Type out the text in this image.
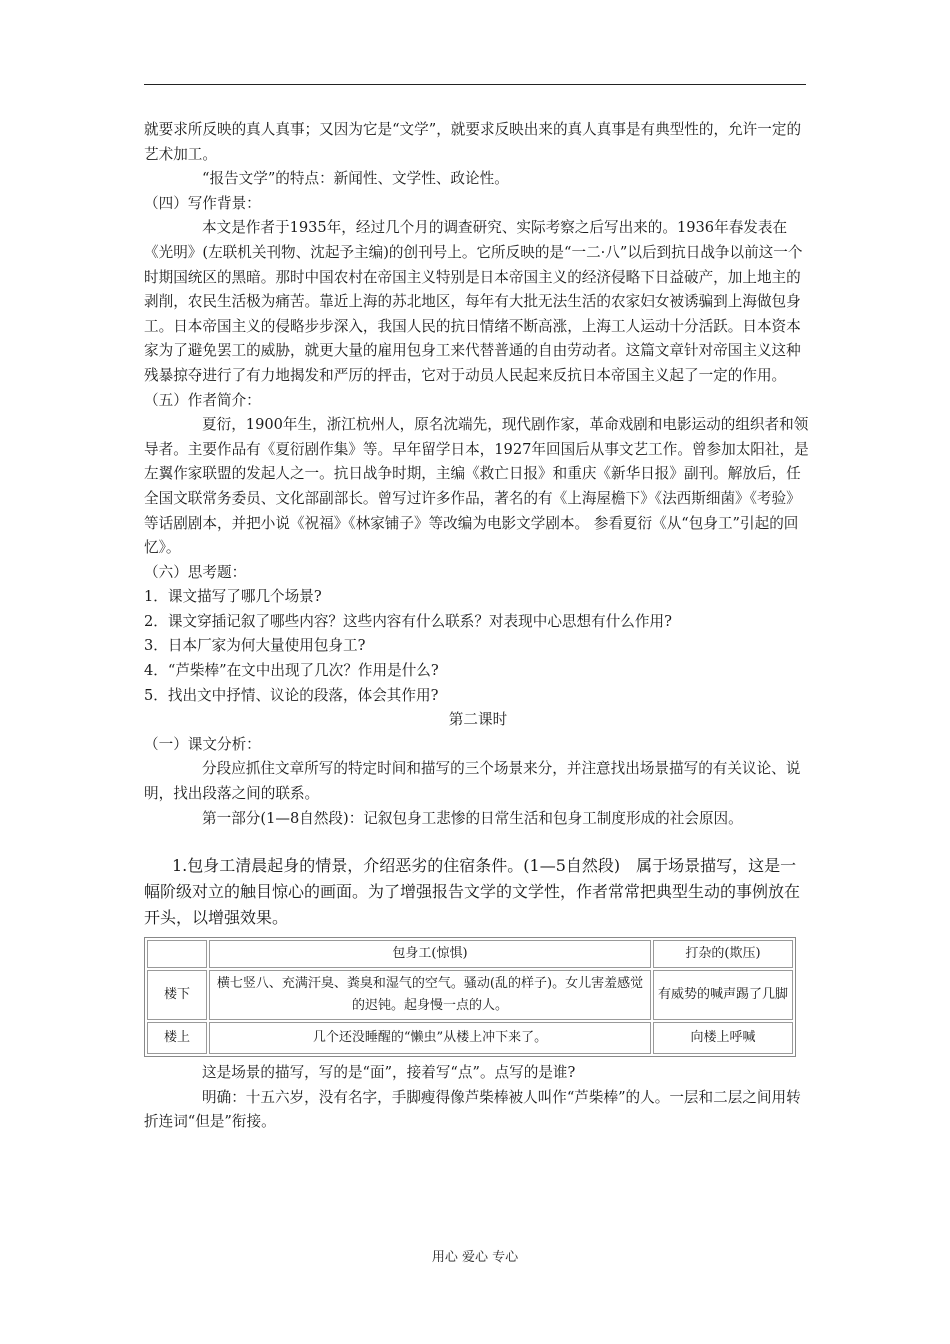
就要求所反映的真人真事；又因为它是“文学”，就要求反映出来的真人真事是有典型性的，允许一定的艺术加工。

“报告文学”的特点：新闻性、文学性、政论性。

（四）写作背景：

本文是作者于1935年，经过几个月的调查研究、实际考察之后写出来的。1936年春发表在《光明》(左联机关刊物、沈起予主编)的创刊号上。它所反映的是“一二·八”以后到抗日战争以前这一个时期国统区的黑暗。那时中国农村在帝国主义特别是日本帝国主义的经济侵略下日益破产，加上地主的剥削，农民生活极为痛苦。靠近上海的苏北地区，每年有大批无法生活的农家妇女被诱骗到上海做包身工。日本帝国主义的侵略步步深入，我国人民的抗日情绪不断高涨，上海工人运动十分活跃。日本资本家为了避免罢工的威胁，就更大量的雇用包身工来代替普通的自由劳动者。这篇文章针对帝国主义这种残暴掠夺进行了有力地揭发和严厉的抨击，它对于动员人民起来反抗日本帝国主义起了一定的作用。

（五）作者简介：

夏衍，1900年生，浙江杭州人，原名沈端先，现代剧作家，革命戏剧和电影运动的组织者和领导者。主要作品有《夏衍剧作集》等。早年留学日本，1927年回国后从事文艺工作。曾参加太阳社，是左翼作家联盟的发起人之一。抗日战争时期，主编《救亡日报》和重庆《新华日报》副刊。解放后，任全国文联常务委员、文化部副部长。曾写过许多作品，著名的有《上海屋檐下》《法西斯细菌》《考验》等话剧剧本，并把小说《祝福》《林家铺子》等改编为电影文学剧本。 参看夏衍《从“包身工”引起的回忆》。

（六）思考题：

1．课文描写了哪几个场景?

2．课文穿插记叙了哪些内容？这些内容有什么联系？对表现中心思想有什么作用?

3．日本厂家为何大量使用包身工?

4．“芦柴棒”在文中出现了几次？作用是什么?

5．找出文中抒情、议论的段落，体会其作用?

第二课时

（一）课文分析：

分段应抓住文章所写的特定时间和描写的三个场景来分，并注意找出场景描写的有关议论、说明，找出段落之间的联系。

第一部分(1—8自然段)：记叙包身工悲惨的日常生活和包身工制度形成的社会原因。

1.包身工清晨起身的情景，介绍恶劣的住宿条件。(1—5自然段)　属于场景描写，这是一幅阶级对立的触目惊心的画面。为了增强报告文学的文学性，作者常常把典型生动的事例放在开头，以增强效果。

	包身工(惊惧)	打杂的(欺压)
楼下	横七竖八、充满汗臭、粪臭和湿气的空气。骚动(乱的样子)。女儿害羞感觉的迟钝。起身慢一点的人。	有威势的喊声踢了几脚
楼上	几个还没睡醒的“懒虫”从楼上冲下来了。	向楼上呼喊

这是场景的描写，写的是“面”，接着写“点”。点写的是谁?

明确：十五六岁，没有名字，手脚瘦得像芦柴棒被人叫作“芦柴棒”的人。一层和二层之间用转折连词“但是”衔接。

用心 爱心 专心
